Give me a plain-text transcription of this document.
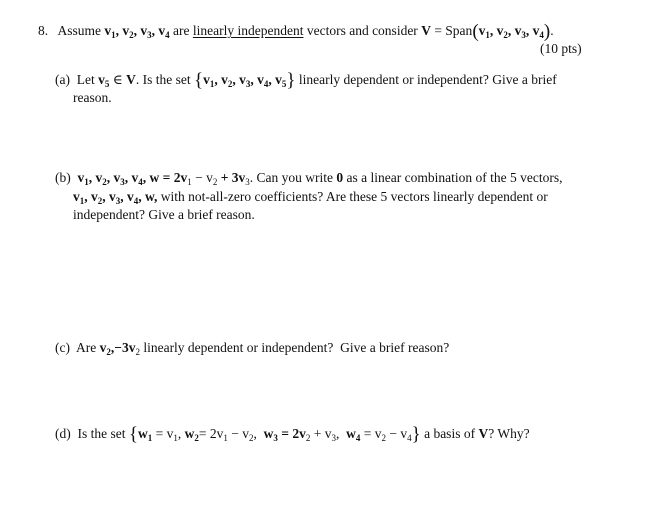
8. Assume $v_1$, $v_2$, $v_3$, $v_4$ are linearly independent vectors and consider $V = Span(v_1$, $v_2$, $v_3$, $v_4$).
(10 pts)
(a) Let $v_5$ ∈ V. Is the set {$v_1$, $v_2$, $v_3$, $v_4$, $v_5$} linearly dependent or independent? Give a brief
reason.
(b) $v_1$, $v_2$, $v_3$, $v_4$, $w = 2v_1 - v_2 + 3v_3$. Can you write 0 as a linear combination of the 5 vectors,
$v_1$, $v_2$, $v_3$, $v_4$, w, with not-all-zero coefficients? Are these 5 vectors linearly dependent or
independent? Give a brief reason.
(c) Are $v_2,-3v_2$ linearly dependent or independent? Give a brief reason?
(d) Is the set {$w_1 = v_1$, $w_2= 2v_1 - v_2$,  $w_3 = 2v_2 + v_3$,  $w_4 = v_2 - v_4$} a basis of V? Why?
